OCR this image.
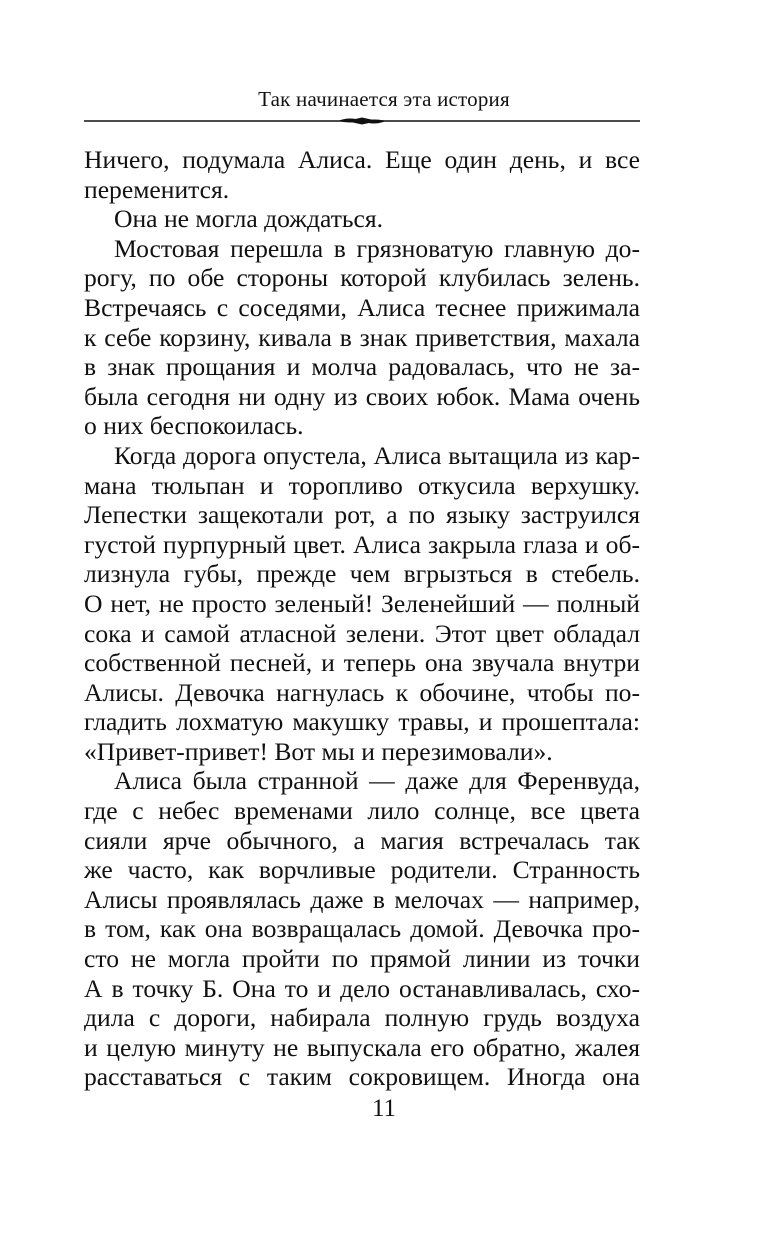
Так начинается эта история
Ничего, подумала Алиса. Еще один день, и все
переменится.
Она не могла дождаться.
Мостовая перешла в грязноватую главную до-
рогу, по обе стороны которой клубилась зелень.
Встречаясь с соседями, Алиса теснее прижимала
к себе корзину, кивала в знак приветствия, махала
в знак прощания и молча радовалась, что не за-
была сегодня ни одну из своих юбок. Мама очень
о них беспокоилась.
Когда дорога опустела, Алиса вытащила из кар-
мана тюльпан и торопливо откусила верхушку.
Лепестки защекотали рот, а по языку заструился
густой пурпурный цвет. Алиса закрыла глаза и об-
лизнула губы, прежде чем вгрызться в стебель.
О нет, не просто зеленый! Зеленейший — полный
сока и самой атласной зелени. Этот цвет обладал
собственной песней, и теперь она звучала внутри
Алисы. Девочка нагнулась к обочине, чтобы по-
гладить лохматую макушку травы, и прошептала:
«Привет-привет! Вот мы и перезимовали».
Алиса была странной — даже для Ференвуда,
где с небес временами лило солнце, все цвета
сияли ярче обычного, а магия встречалась так
же часто, как ворчливые родители. Странность
Алисы проявлялась даже в мелочах — например,
в том, как она возвращалась домой. Девочка про-
сто не могла пройти по прямой линии из точки
А в точку Б. Она то и дело останавливалась, схо-
дила с дороги, набирала полную грудь воздуха
и целую минуту не выпускала его обратно, жалея
расставаться с таким сокровищем. Иногда она
11
